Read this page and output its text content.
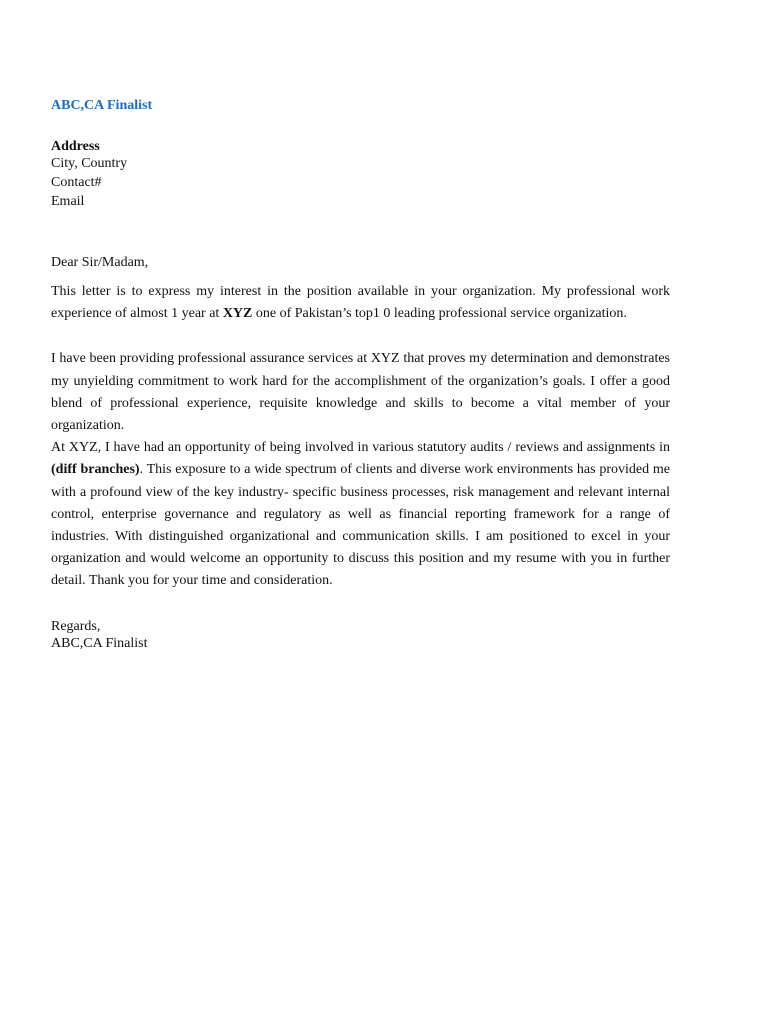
ABC,CA Finalist

Address
City, Country
Contact#
Email
Dear Sir/Madam,

This letter is to express my interest in the position available in your organization. My professional work experience of almost 1 year at XYZ one of Pakistan’s top1 0 leading professional service organization.

I have been providing professional assurance services at XYZ that proves my determination and demonstrates my unyielding commitment to work hard for the accomplishment of the organization’s goals. I offer a good blend of professional experience, requisite knowledge and skills to become a vital member of your organization.

At XYZ, I have had an opportunity of being involved in various statutory audits / reviews and assignments in (diff branches). This exposure to a wide spectrum of clients and diverse work environments has provided me with a profound view of the key industry- specific business processes, risk management and relevant internal control, enterprise governance and regulatory as well as financial reporting framework for a range of industries. With distinguished organizational and communication skills. I am positioned to excel in your organization and would welcome an opportunity to discuss this position and my resume with you in further detail. Thank you for your time and consideration.

Regards,
ABC,CA Finalist
